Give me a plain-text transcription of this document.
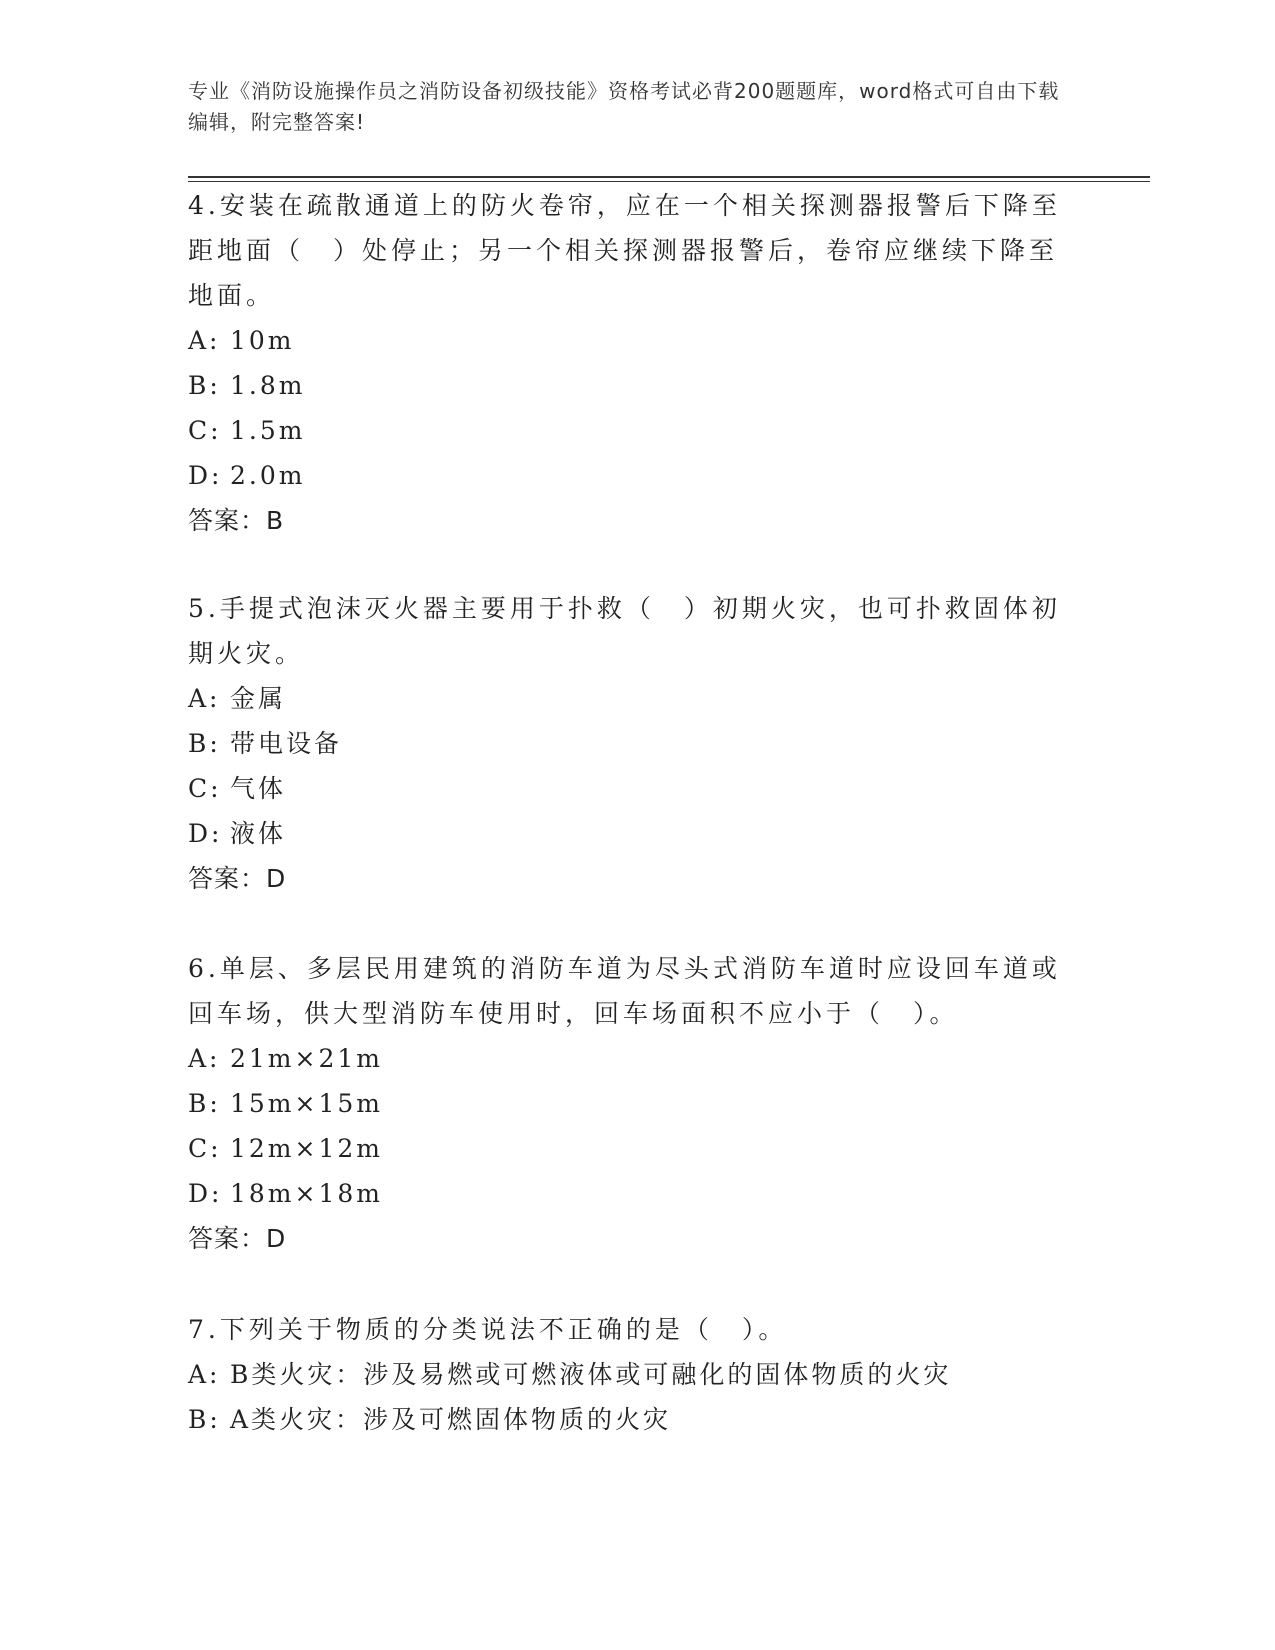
专业《消防设施操作员之消防设备初级技能》资格考试必背200题题库，word格式可自由下载编辑，附完整答案!

4.安装在疏散通道上的防火卷帘，应在一个相关探测器报警后下降至距地面（　）处停止；另一个相关探测器报警后，卷帘应继续下降至地面。

A: 10m

B: 1.8m

C: 1.5m

D: 2.0m

答案：B

5.手提式泡沫灭火器主要用于扑救（　）初期火灾，也可扑救固体初期火灾。

A: 金属

B: 带电设备

C: 气体

D: 液体

答案：D

6.单层、多层民用建筑的消防车道为尽头式消防车道时应设回车道或回车场，供大型消防车使用时，回车场面积不应小于（　）。

A: 21m×21m

B: 15m×15m

C: 12m×12m

D: 18m×18m

答案：D

7.下列关于物质的分类说法不正确的是（　）。

A: B类火灾：涉及易燃或可燃液体或可融化的固体物质的火灾

B: A类火灾：涉及可燃固体物质的火灾
